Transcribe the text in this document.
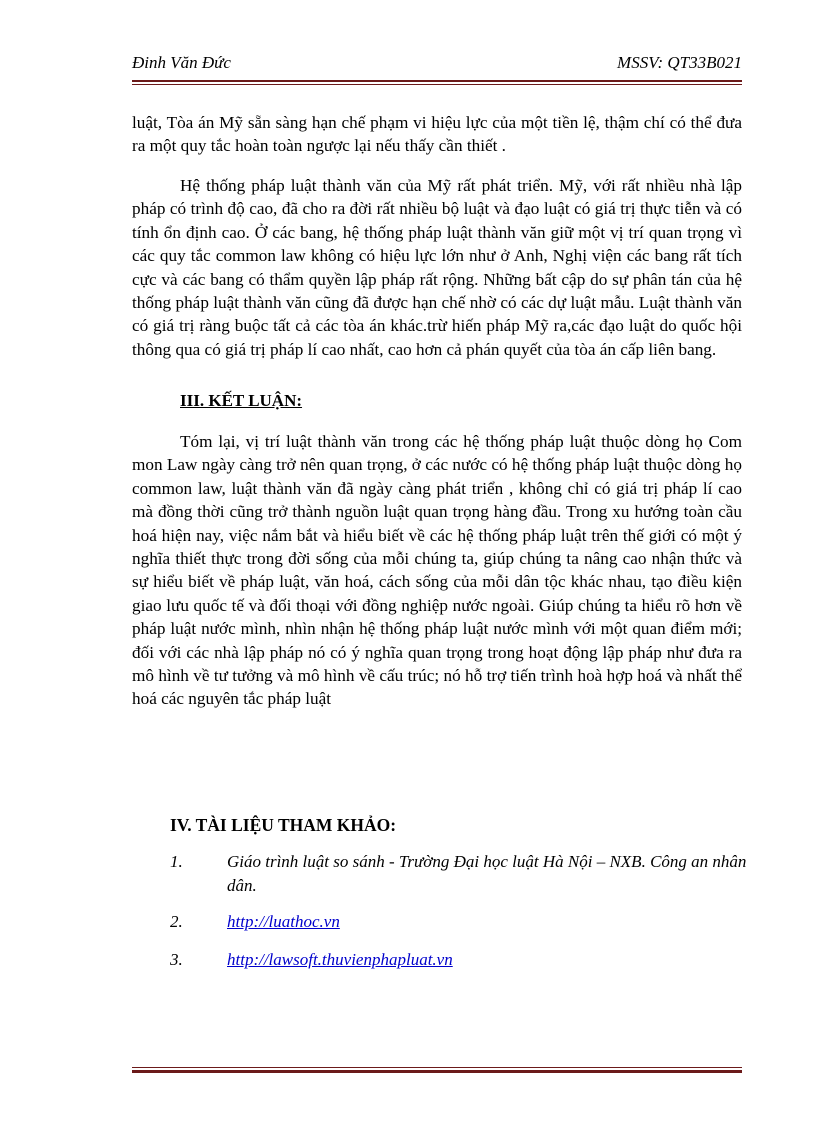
Đinh Văn Đức	MSSV: QT33B021
luật, Tòa án Mỹ sẵn sàng hạn chế phạm vi hiệu lực của một tiền lệ, thậm chí có thể đưa ra một quy tắc hoàn toàn ngược lại nếu thấy cần thiết .
Hệ thống pháp luật thành văn của Mỹ rất phát triển. Mỹ, với rất nhiều nhà lập pháp có trình độ cao, đã cho ra đời rất nhiều bộ luật và đạo luật có giá trị thực tiễn và có tính ổn định cao. Ở các bang, hệ thống pháp luật thành văn giữ một vị trí quan trọng vì các quy tắc common law không có hiệu lực lớn như ở Anh, Nghị viện các bang rất tích cực và các bang có thẩm quyền lập pháp rất rộng. Những bất cập do sự phân tán của hệ thống pháp luật thành văn cũng đã được hạn chế nhờ có các dự luật mẫu. Luật thành văn có giá trị ràng buộc tất cả các tòa án khác.trừ hiến pháp Mỹ ra,các đạo luật do quốc hội thông qua có giá trị pháp lí cao nhất, cao hơn cả phán quyết của tòa án cấp liên bang.
III. KẾT LUẬN:
Tóm lại, vị trí luật thành văn trong các hệ thống pháp luật thuộc dòng họ Com mon Law ngày càng trở nên quan trọng, ở các nước có hệ thống pháp luật thuộc dòng họ common law, luật thành văn đã ngày càng phát triển , không chỉ có giá trị pháp lí cao mà đồng thời cũng trở thành nguồn luật quan trọng hàng đầu. Trong xu hướng toàn cầu hoá hiện nay, việc nắm bắt và hiểu biết về các hệ thống pháp luật trên thế giới có một ý nghĩa thiết thực trong đời sống của mỗi chúng ta, giúp chúng ta nâng cao nhận thức và sự hiểu biết về pháp luật, văn hoá, cách sống của mỗi dân tộc khác nhau, tạo điều kiện giao lưu quốc tế và đối thoại với đồng nghiệp nước ngoài. Giúp chúng ta hiểu rõ hơn về pháp luật nước mình, nhìn nhận hệ thống pháp luật nước mình với một quan điểm mới; đối với các nhà lập pháp nó có ý nghĩa quan trọng trong hoạt động lập pháp như đưa ra mô hình về tư tưởng và mô hình về cấu trúc; nó hỗ trợ tiến trình hoà hợp hoá và nhất thể hoá các nguyên tắc pháp luật
IV. TÀI LIỆU THAM KHẢO:
1.	Giáo trình luật so sánh - Trường Đại học luật Hà Nội – NXB. Công an nhân dân.
2.	http://luathoc.vn
3.	http://lawsoft.thuvienphapluat.vn
